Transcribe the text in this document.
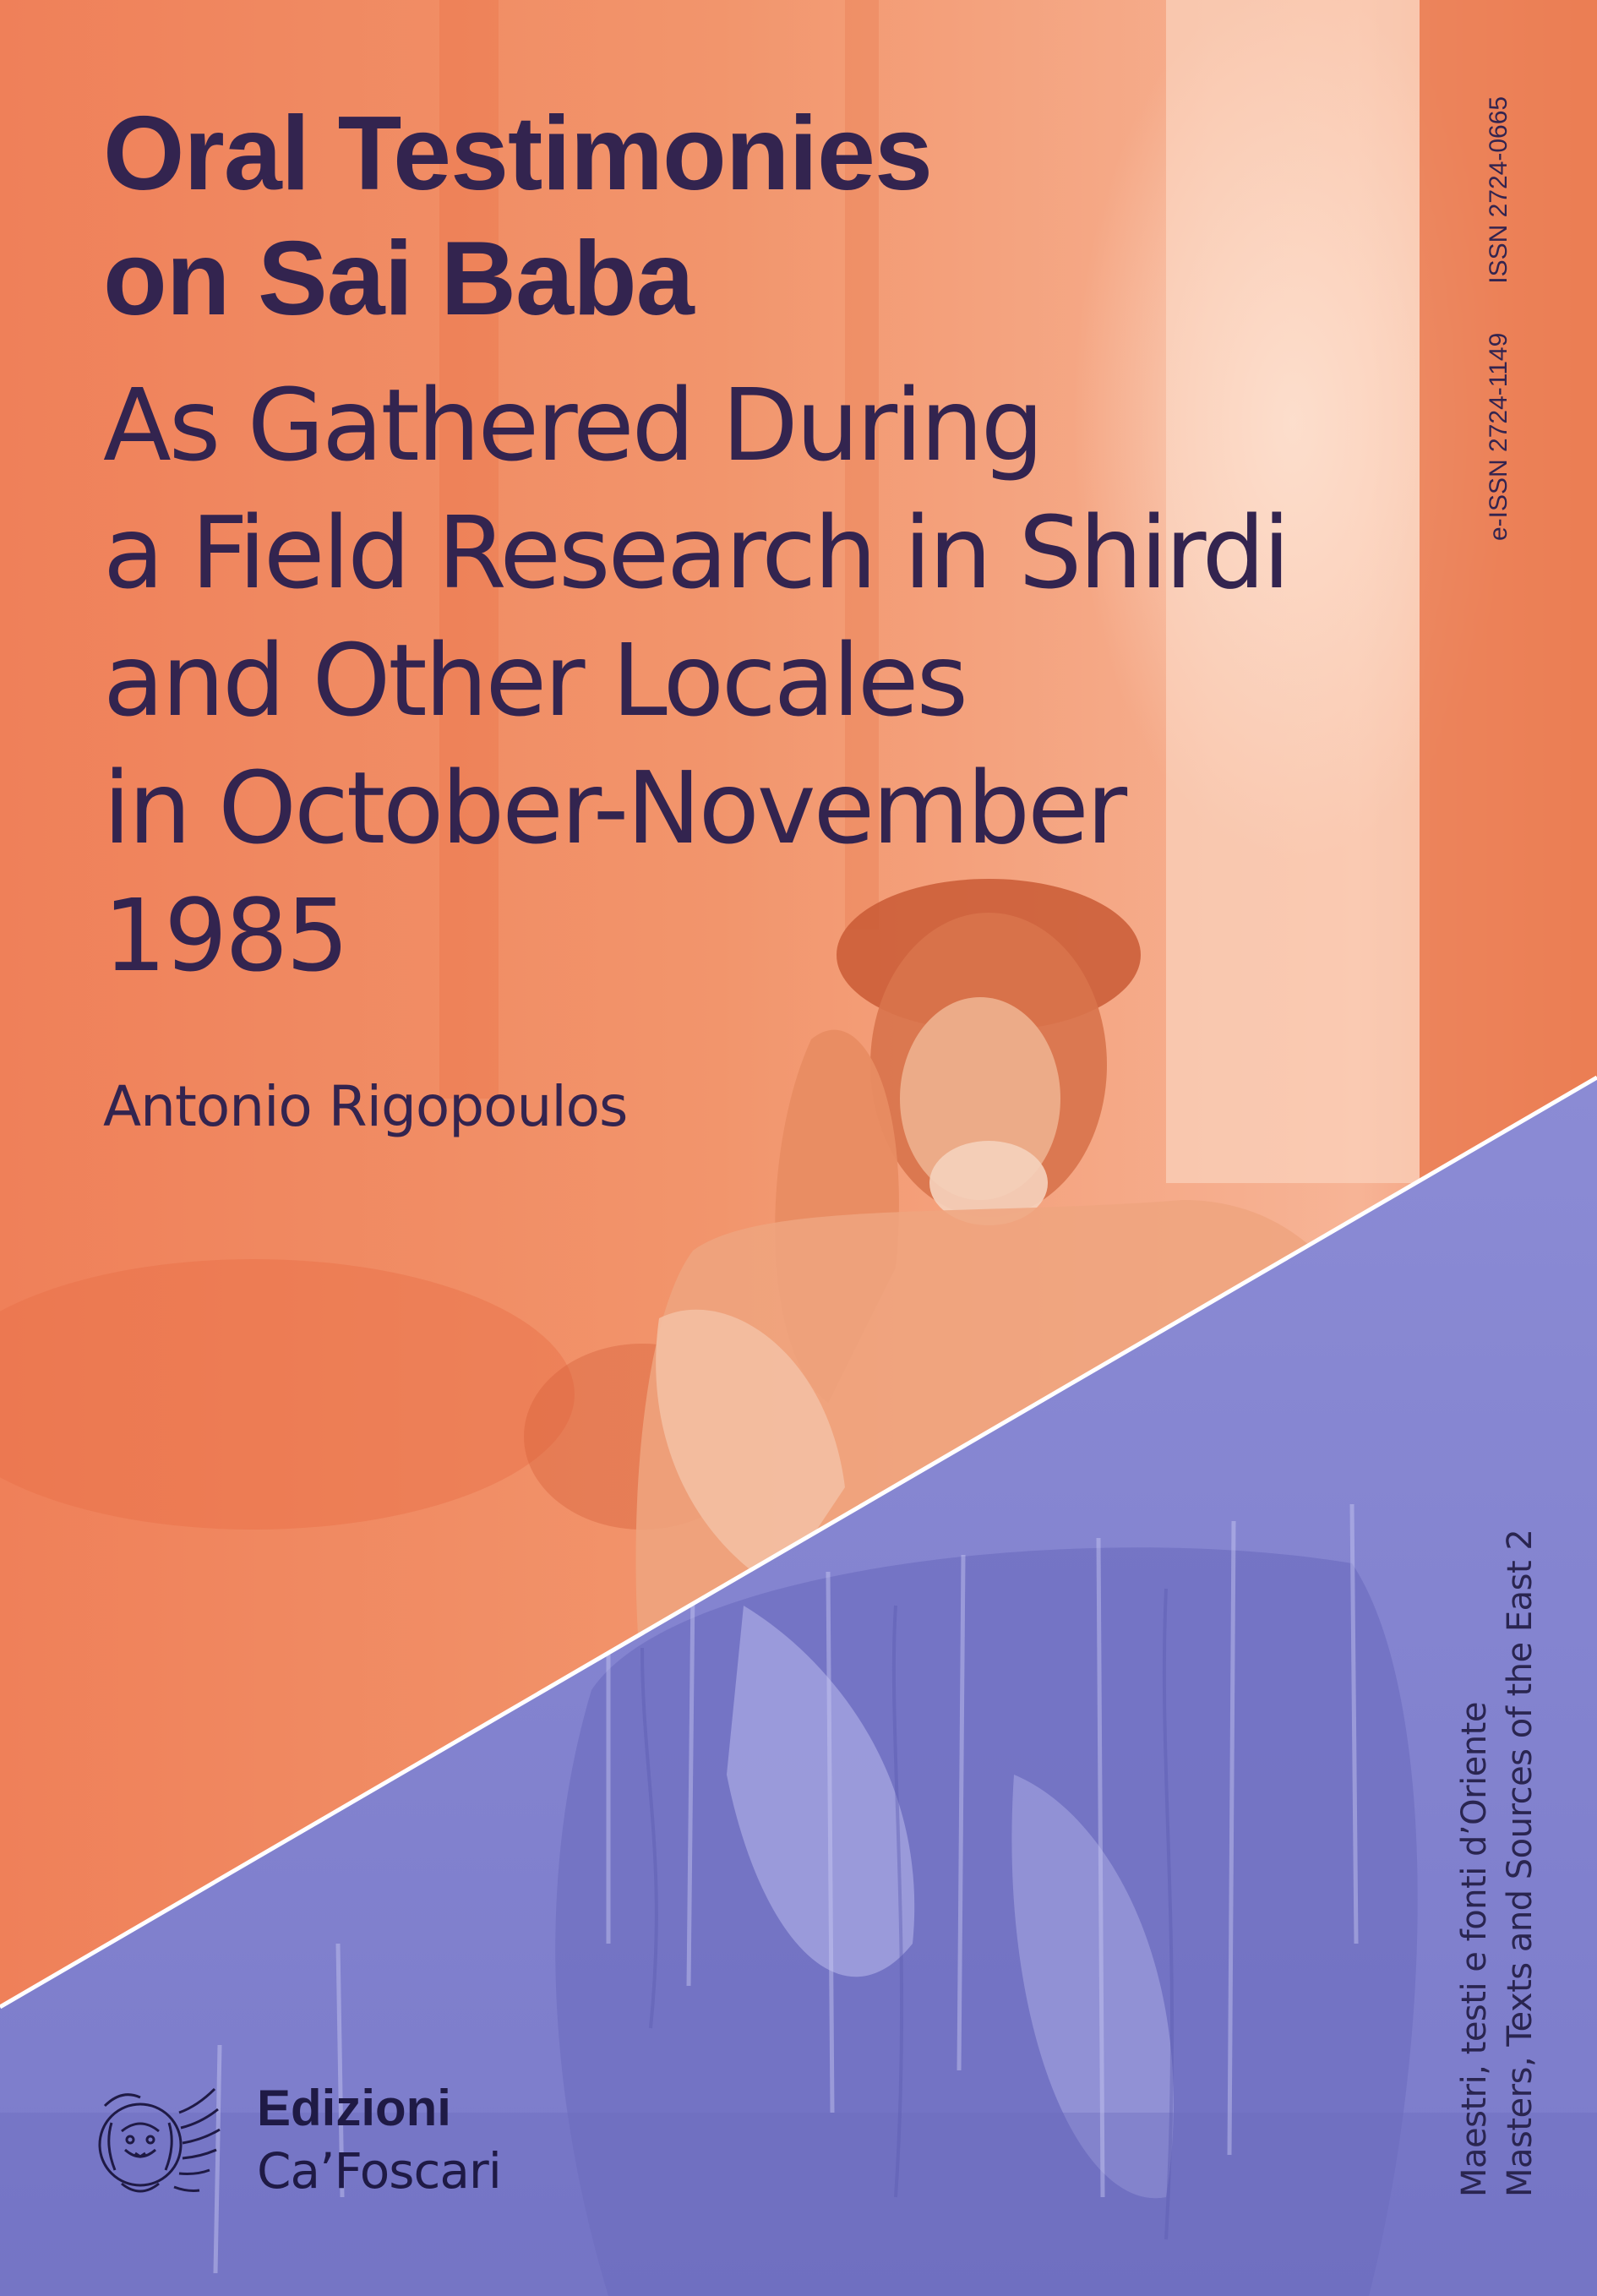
Oral Testimonies
on Sai Baba
As Gathered During
a Field Research in Shirdi
and Other Locales
in October-November
1985
Antonio Rigopoulos
e-ISSN 2724-1149ISSN 2724-0665
Maestri, testi e fonti d’Oriente Masters, Texts and Sources of the East 2
Edizioni
Ca’Foscari
